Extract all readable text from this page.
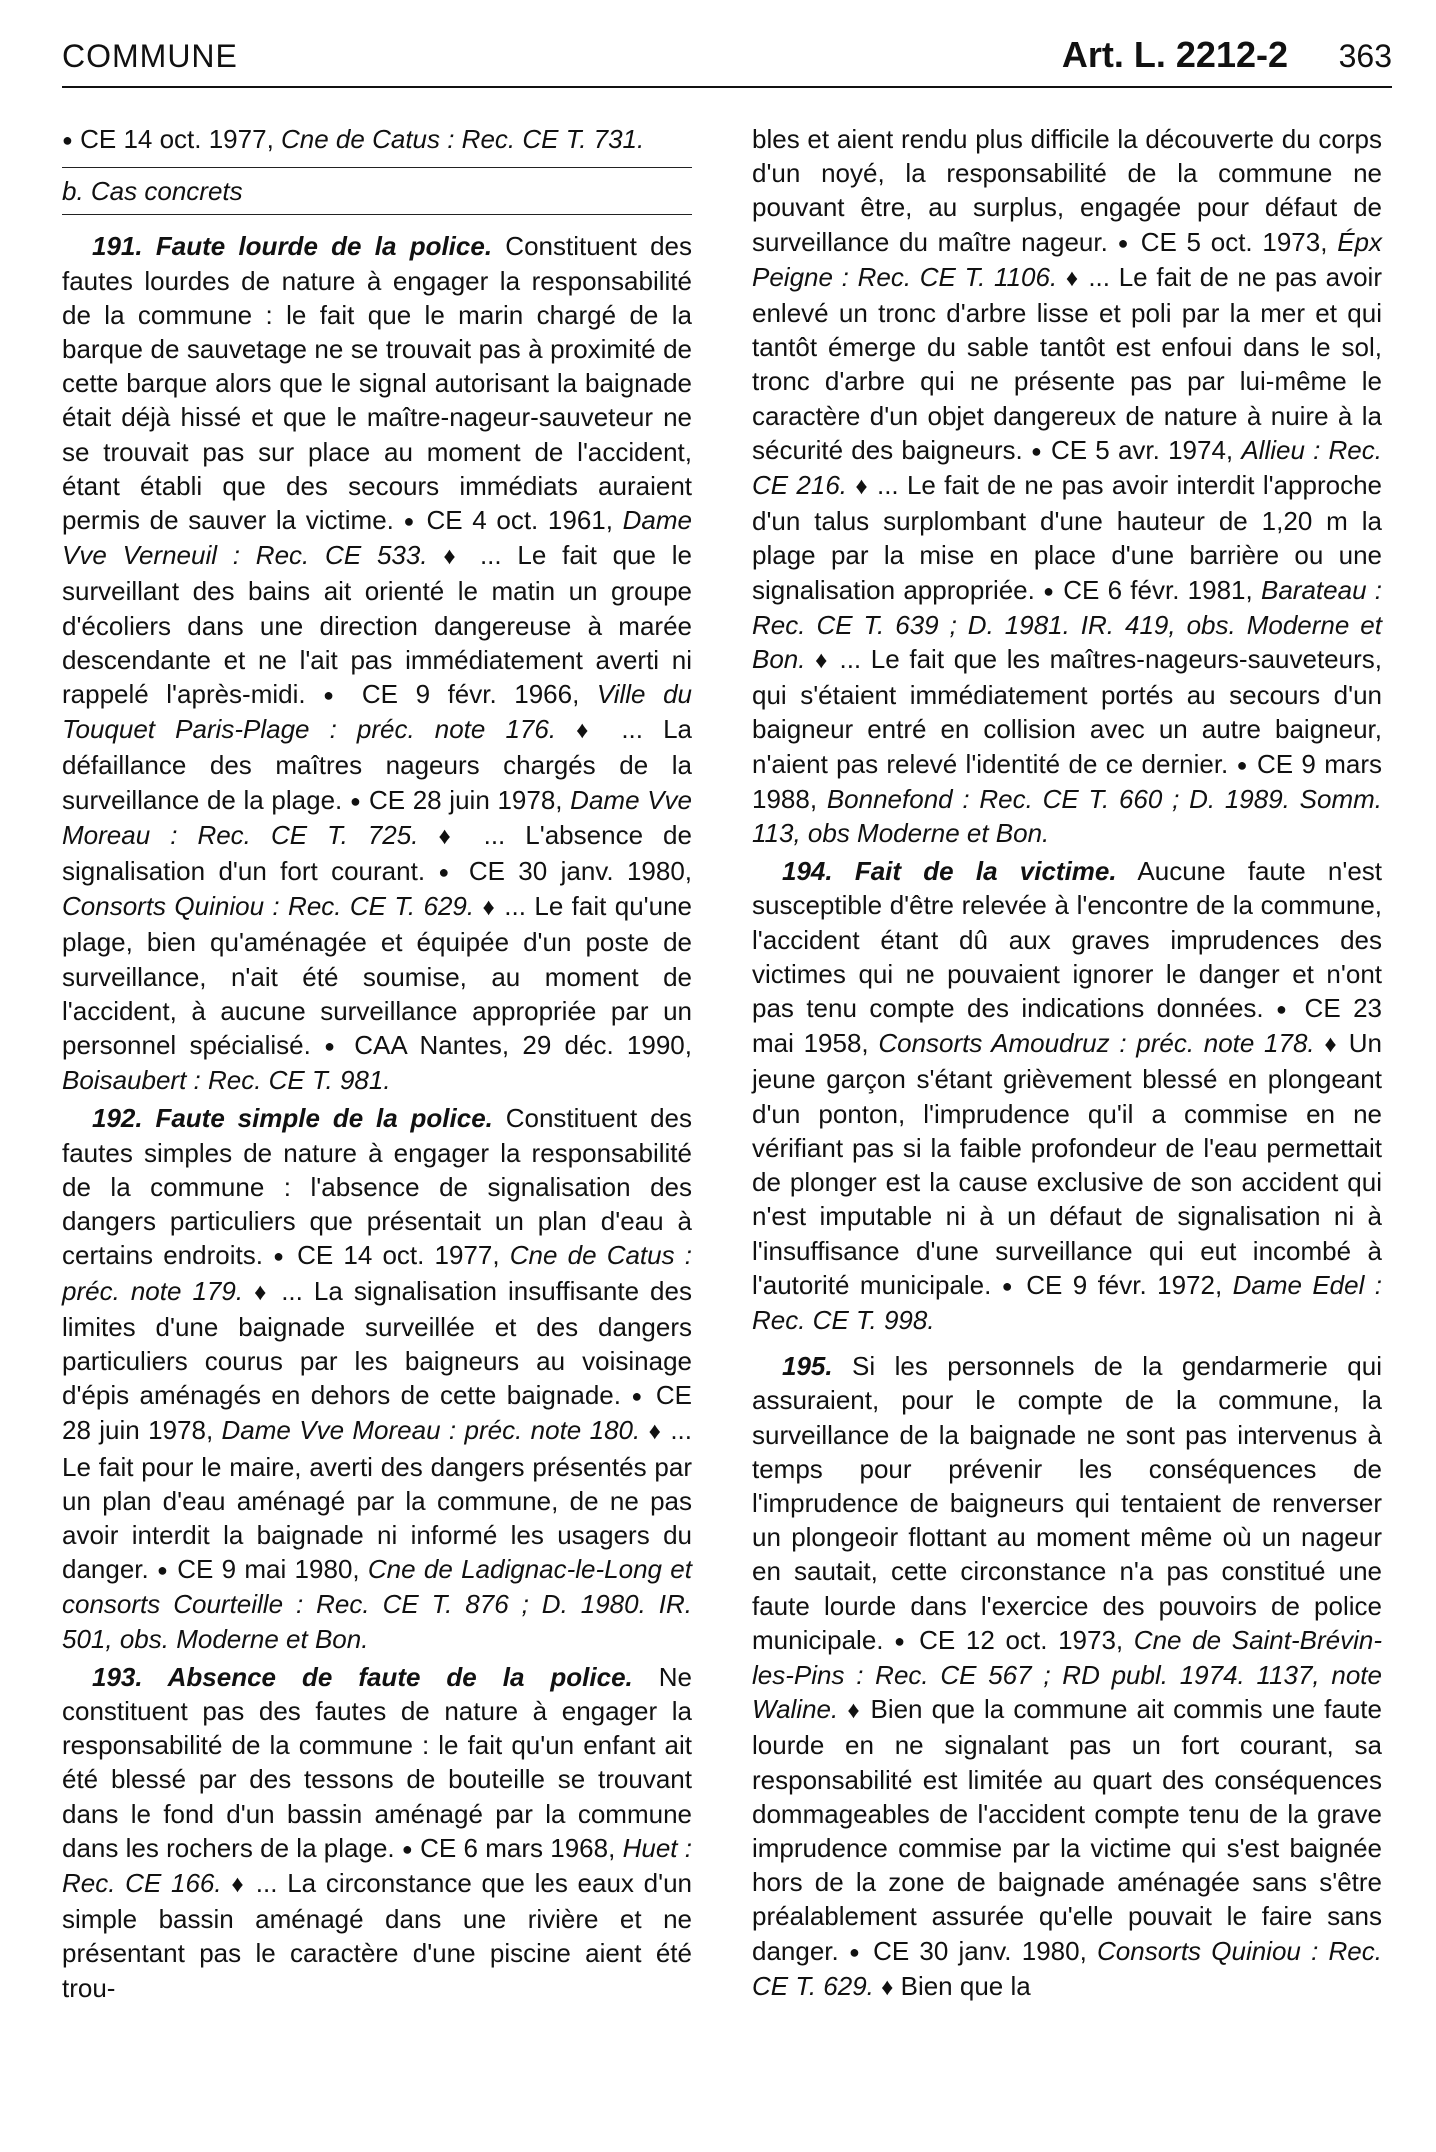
COMMUNE	Art. L. 2212-2 363

● CE 14 oct. 1977, Cne de Catus : Rec. CE T. 731.

b. Cas concrets

191. Faute lourde de la police. Constituent des fautes lourdes de nature à engager la responsabilité de la commune : le fait que le marin chargé de la barque de sauvetage ne se trouvait pas à proximité de cette barque alors que le signal autorisant la baignade était déjà hissé et que le maître-nageur-sauveteur ne se trouvait pas sur place au moment de l'accident, étant établi que des secours immédiats auraient permis de sauver la victime. ● CE 4 oct. 1961, Dame Vve Verneuil : Rec. CE 533. ♦ ... Le fait que le surveillant des bains ait orienté le matin un groupe d'écoliers dans une direction dangereuse à marée descendante et ne l'ait pas immédiatement averti ni rappelé l'après-midi. ● CE 9 févr. 1966, Ville du Touquet Paris-Plage : préc. note 176. ♦ ... La défaillance des maîtres nageurs chargés de la surveillance de la plage. ● CE 28 juin 1978, Dame Vve Moreau : Rec. CE T. 725. ♦ ... L'absence de signalisation d'un fort courant. ● CE 30 janv. 1980, Consorts Quiniou : Rec. CE T. 629. ♦ ... Le fait qu'une plage, bien qu'aménagée et équipée d'un poste de surveillance, n'ait été soumise, au moment de l'accident, à aucune surveillance appropriée par un personnel spécialisé. ● CAA Nantes, 29 déc. 1990, Boisaubert : Rec. CE T. 981.

192. Faute simple de la police. Constituent des fautes simples de nature à engager la responsabilité de la commune : l'absence de signalisation des dangers particuliers que présentait un plan d'eau à certains endroits. ● CE 14 oct. 1977, Cne de Catus : préc. note 179. ♦ ... La signalisation insuffisante des limites d'une baignade surveillée et des dangers particuliers courus par les baigneurs au voisinage d'épis aménagés en dehors de cette baignade. ● CE 28 juin 1978, Dame Vve Moreau : préc. note 180. ♦ ... Le fait pour le maire, averti des dangers présentés par un plan d'eau aménagé par la commune, de ne pas avoir interdit la baignade ni informé les usagers du danger. ● CE 9 mai 1980, Cne de Ladignac-le-Long et consorts Courteille : Rec. CE T. 876 ; D. 1980. IR. 501, obs. Moderne et Bon.

193. Absence de faute de la police. Ne constituent pas des fautes de nature à engager la responsabilité de la commune : le fait qu'un enfant ait été blessé par des tessons de bouteille se trouvant dans le fond d'un bassin aménagé par la commune dans les rochers de la plage. ● CE 6 mars 1968, Huet : Rec. CE 166. ♦ ... La circonstance que les eaux d'un simple bassin aménagé dans une rivière et ne présentant pas le caractère d'une piscine aient été trou-

bles et aient rendu plus difficile la découverte du corps d'un noyé, la responsabilité de la commune ne pouvant être, au surplus, engagée pour défaut de surveillance du maître nageur. ● CE 5 oct. 1973, Épx Peigne : Rec. CE T. 1106. ♦ ... Le fait de ne pas avoir enlevé un tronc d'arbre lisse et poli par la mer et qui tantôt émerge du sable tantôt est enfoui dans le sol, tronc d'arbre qui ne présente pas par lui-même le caractère d'un objet dangereux de nature à nuire à la sécurité des baigneurs. ● CE 5 avr. 1974, Allieu : Rec. CE 216. ♦ ... Le fait de ne pas avoir interdit l'approche d'un talus surplombant d'une hauteur de 1,20 m la plage par la mise en place d'une barrière ou une signalisation appropriée. ● CE 6 févr. 1981, Barateau : Rec. CE T. 639 ; D. 1981. IR. 419, obs. Moderne et Bon. ♦ ... Le fait que les maîtres-nageurs-sauveteurs, qui s'étaient immédiatement portés au secours d'un baigneur entré en collision avec un autre baigneur, n'aient pas relevé l'identité de ce dernier. ● CE 9 mars 1988, Bonnefond : Rec. CE T. 660 ; D. 1989. Somm. 113, obs Moderne et Bon.

194. Fait de la victime. Aucune faute n'est susceptible d'être relevée à l'encontre de la commune, l'accident étant dû aux graves imprudences des victimes qui ne pouvaient ignorer le danger et n'ont pas tenu compte des indications données. ● CE 23 mai 1958, Consorts Amoudruz : préc. note 178. ♦ Un jeune garçon s'étant grièvement blessé en plongeant d'un ponton, l'imprudence qu'il a commise en ne vérifiant pas si la faible profondeur de l'eau permettait de plonger est la cause exclusive de son accident qui n'est imputable ni à un défaut de signalisation ni à l'insuffisance d'une surveillance qui eut incombé à l'autorité municipale. ● CE 9 févr. 1972, Dame Edel : Rec. CE T. 998.

195. Si les personnels de la gendarmerie qui assuraient, pour le compte de la commune, la surveillance de la baignade ne sont pas intervenus à temps pour prévenir les conséquences de l'imprudence de baigneurs qui tentaient de renverser un plongeoir flottant au moment même où un nageur en sautait, cette circonstance n'a pas constitué une faute lourde dans l'exercice des pouvoirs de police municipale. ● CE 12 oct. 1973, Cne de Saint-Brévin-les-Pins : Rec. CE 567 ; RD publ. 1974. 1137, note Waline. ♦ Bien que la commune ait commis une faute lourde en ne signalant pas un fort courant, sa responsabilité est limitée au quart des conséquences dommageables de l'accident compte tenu de la grave imprudence commise par la victime qui s'est baignée hors de la zone de baignade aménagée sans s'être préalablement assurée qu'elle pouvait le faire sans danger. ● CE 30 janv. 1980, Consorts Quiniou : Rec. CE T. 629. ♦ Bien que la
